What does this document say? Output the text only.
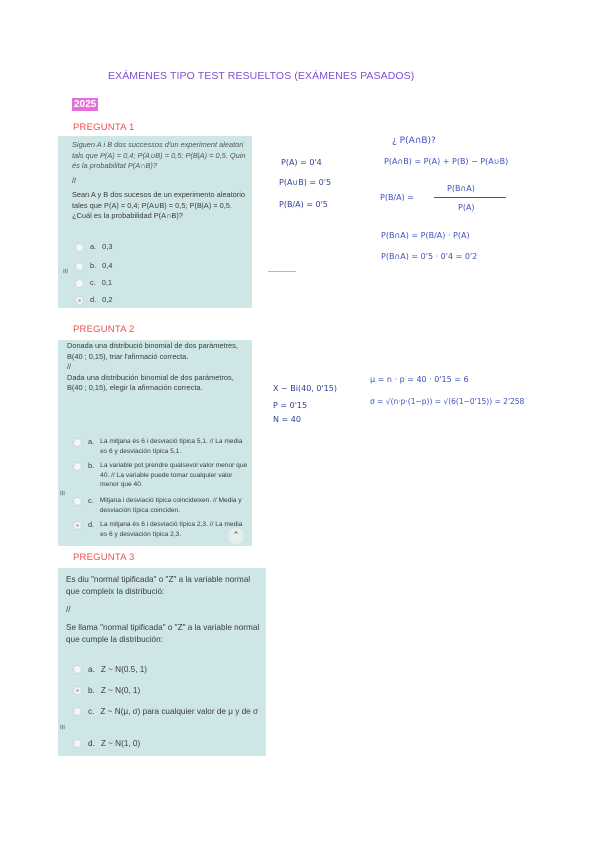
EXÁMENES TIPO TEST RESUELTOS (EXÁMENES PASADOS)
2025
PREGUNTA 1

Siguen A i B dos successos d'un experiment aleatori tals que P(A) = 0,4; P(A∪B) = 0,5; P(B|A) = 0,5. Quin és la probabilitat P(A∩B)?

//

Sean A y B dos sucesos de un experimento aleatorio tales que P(A) = 0,4; P(A∪B) = 0,5; P(B|A) = 0,5. ¿Cuál es la probabilidad P(A∩B)?

a. 0,3
b. 0,4
c. 0,1
d. 0,2
≡
PREGUNTA 2

Donada una distribució binomial de dos paràmetres, B(40 ; 0,15), triar l'afirmació correcta.

//

Dada una distribución binomial de dos parámetros, B(40 ; 0,15), elegir la afirmación correcta.

a. La mitjana és 6 i desviació típica 5,1. // La media es 6 y desviación típica 5,1.
b. La variable pot prendre qualsevol valor menor que 40. // La variable puede tomar cualquier valor menor que 40.
c. Mitjana i desviació típica coincideixen. // Media y desviación típica coinciden.
d. La mitjana és 6 i desviació típica 2,3. // La media es 6 y desviación típica 2,3.
≡
⌃
PREGUNTA 3

Es diu "normal tipificada" o "Z" a la variable normal que compleix la distribució:

//

Se llama "normal tipificada" o "Z" a la variable normal que cumple la distribución:

a. Z ~ N(0.5, 1)
b. Z ~ N(0, 1)
c. Z ~ N(μ, σ) para cualquier valor de μ y de σ
d. Z ~ N(1, 0)
≡
P(A) = 0'4
P(A∪B) = 0'5
P(B/A) = 0'5
¿ P(A∩B)?
P(A∩B) = P(A) + P(B) − P(A∪B)
P(B/A) =
P(B∩A)
P(A)
P(B∩A) = P(B/A) · P(A)
P(B∩A) = 0'5 · 0'4 = 0'2
X ~ Bi(40, 0'15)
P = 0'15
N = 40
μ = n · p = 40 · 0'15 = 6
σ = √(n·p·(1−p)) = √(6(1−0'15)) = 2'258
